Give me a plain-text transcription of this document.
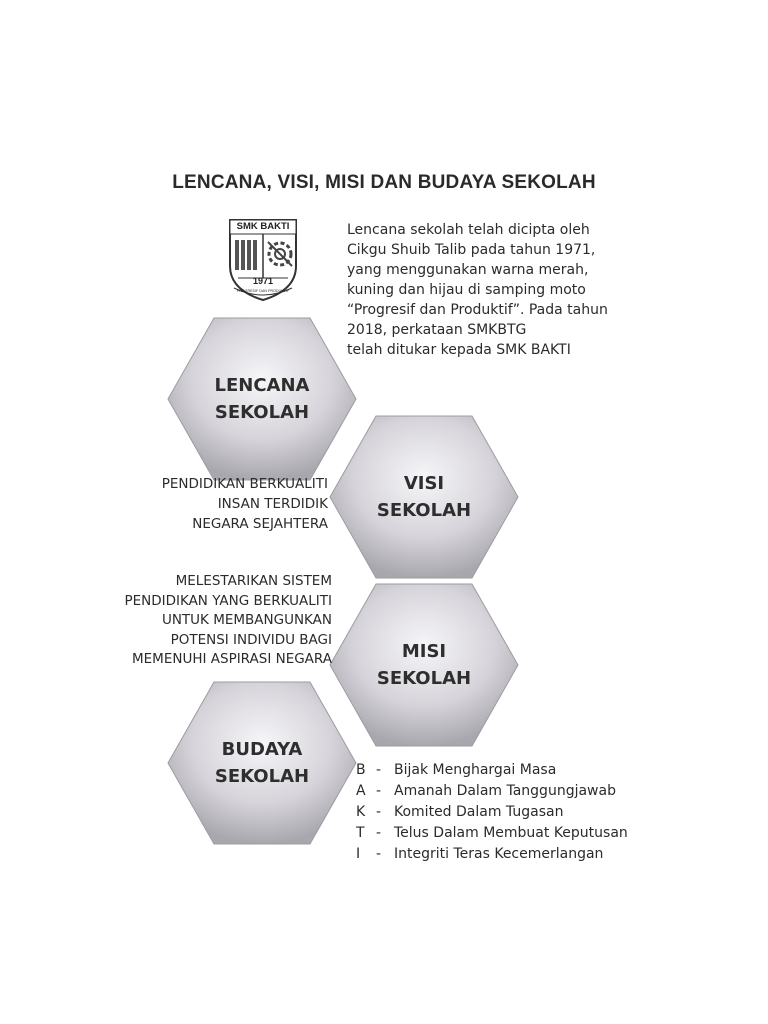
LENCANA, VISI, MISI DAN BUDAYA SEKOLAH
SMK BAKTI
1971
PROGRESIF DAN PRODUKTIF
Lencana sekolah telah dicipta oleh
Cikgu Shuib Talib pada tahun 1971,
yang menggunakan warna merah,
kuning dan hijau di samping moto
“Progresif dan Produktif”. Pada tahun
2018, perkataan SMKBTG
telah ditukar kepada SMK BAKTI
LENCANA
SEKOLAH
VISI
SEKOLAH
MISI
SEKOLAH
BUDAYA
SEKOLAH
PENDIDIKAN BERKUALITI
INSAN TERDIDIK
NEGARA SEJAHTERA
MELESTARIKAN SISTEM
PENDIDIKAN YANG BERKUALITI
UNTUK MEMBANGUNKAN
POTENSI INDIVIDU BAGI
MEMENUHI ASPIRASI NEGARA
B - Bijak Menghargai Masa
A - Amanah Dalam Tanggungjawab
K - Komited Dalam Tugasan
T - Telus Dalam Membuat Keputusan
I	- Integriti Teras Kecemerlangan
